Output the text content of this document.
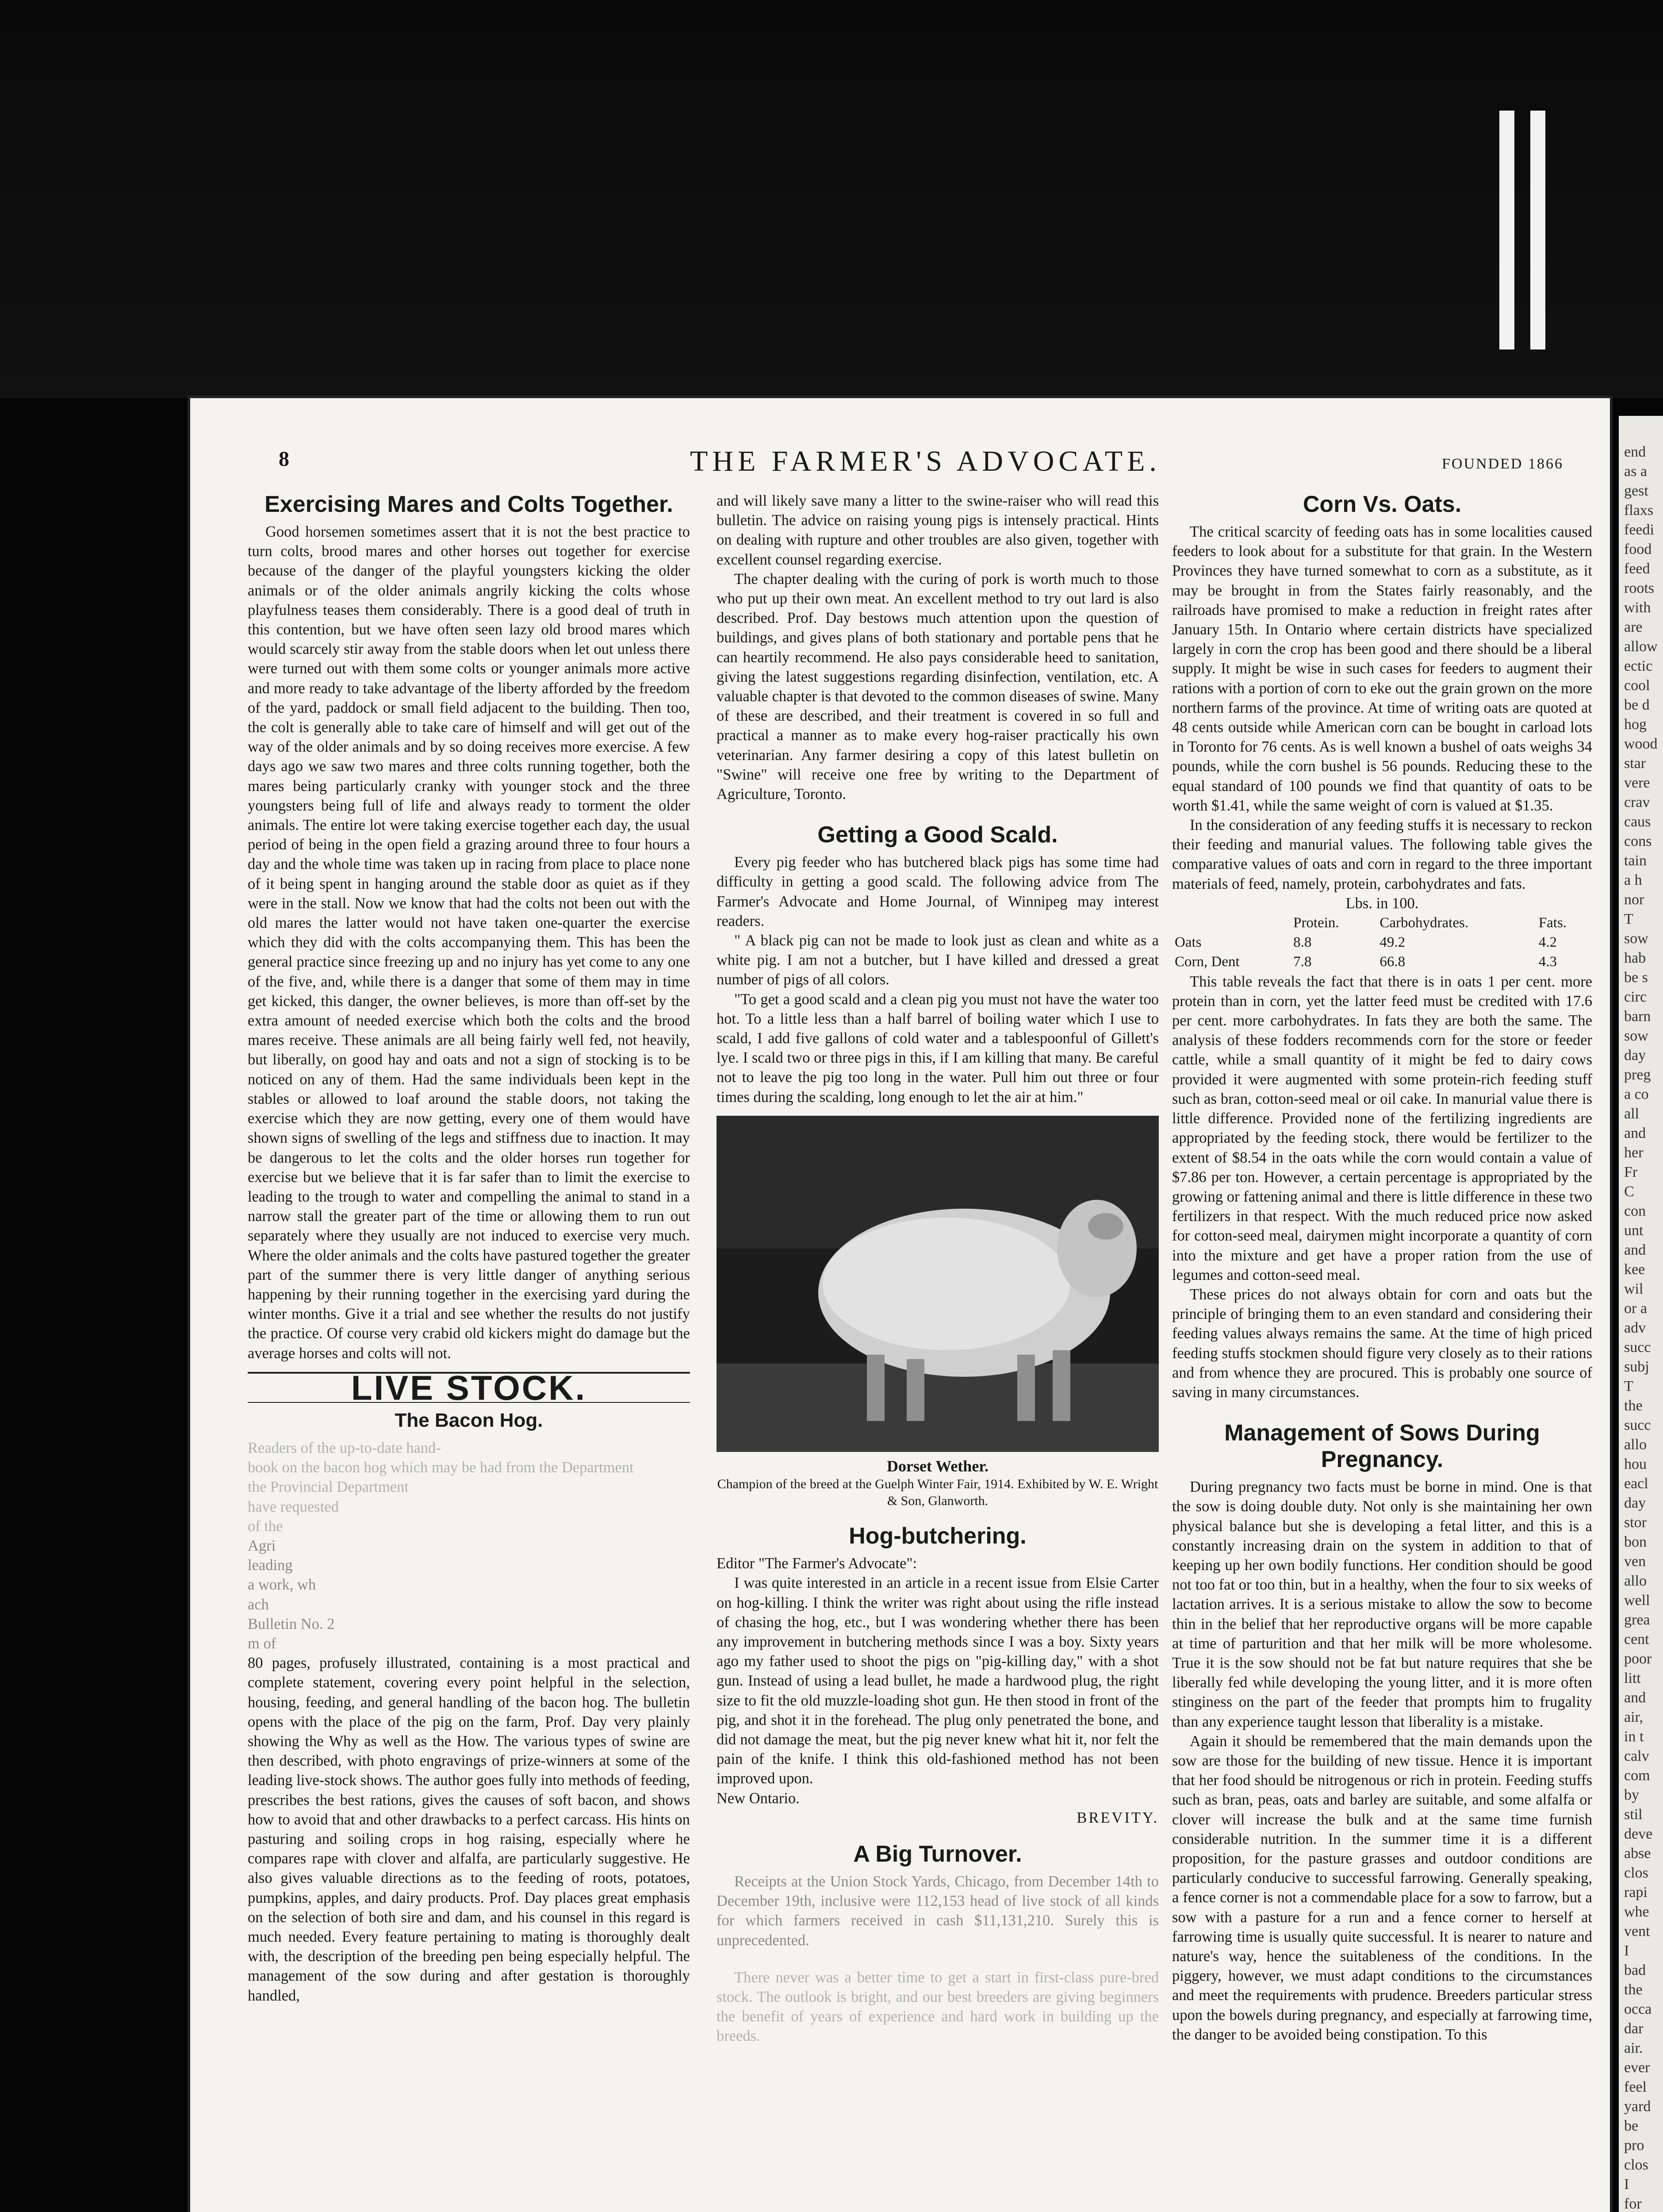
end
as a
gest
flaxs
feedi
food
feed
roots
with
are
allow
ectic
cool
be d
hog
wood
star
vere
crav
caus
cons
tain
a h
nor
T
sow
hab
be s
circ
barn
sow
day
preg
a co
all
and
her
Fr
C
con
unt
and
kee
wil
or a
adv
succ
subj
T
the
succ
allo
hou
eacl
day
stor
bon
ven
allo
well
grea
cent
poor
litt
and
air,
in t
calv
com
by
stil
deve
abse
clos
rapi
whe
vent
I
bad
the
occa
dar
air.
ever
feel
yard
be
pro
clos
I
for
8	THE FARMER'S ADVOCATE.	FOUNDED 1866
Exercising Mares and Colts Together.

Good horsemen sometimes assert that it is not the best practice to turn colts, brood mares and other horses out together for exercise because of the danger of the playful youngsters kicking the older animals or of the older animals angrily kicking the colts whose playfulness teases them considerably. There is a good deal of truth in this contention, but we have often seen lazy old brood mares which would scarcely stir away from the stable doors when let out unless there were turned out with them some colts or younger animals more active and more ready to take advantage of the liberty afforded by the freedom of the yard, paddock or small field adjacent to the building. Then too, the colt is generally able to take care of himself and will get out of the way of the older animals and by so doing receives more exercise. A few days ago we saw two mares and three colts running together, both the mares being particularly cranky with younger stock and the three youngsters being full of life and always ready to torment the older animals. The entire lot were taking exercise together each day, the usual period of being in the open field a grazing around three to four hours a day and the whole time was taken up in racing from place to place none of it being spent in hanging around the stable door as quiet as if they were in the stall. Now we know that had the colts not been out with the old mares the latter would not have taken one-quarter the exercise which they did with the colts accompanying them. This has been the general practice since freezing up and no injury has yet come to any one of the five, and, while there is a danger that some of them may in time get kicked, this danger, the owner believes, is more than off-set by the extra amount of needed exercise which both the colts and the brood mares receive. These animals are all being fairly well fed, not heavily, but liberally, on good hay and oats and not a sign of stocking is to be noticed on any of them. Had the same individuals been kept in the stables or allowed to loaf around the stable doors, not taking the exercise which they are now getting, every one of them would have shown signs of swelling of the legs and stiffness due to inaction. It may be dangerous to let the colts and the older horses run together for exercise but we believe that it is far safer than to limit the exercise to leading to the trough to water and compelling the animal to stand in a narrow stall the greater part of the time or allowing them to run out separately where they usually are not induced to exercise very much. Where the older animals and the colts have pastured together the greater part of the summer there is very little danger of anything serious happening by their running together in the exercising yard during the winter months. Give it a trial and see whether the results do not justify the practice. Of course very crabid old kickers might do damage but the average horses and colts will not.

LIVE STOCK.
The Bacon Hog.
Readers of the up-to-date hand-
book on the bacon hog which may be had from the Department
the Provincial Department
have requested
of the
Agri
leading
a work, wh
ach
Bulletin No. 2
m of

80 pages, profusely illustrated, containing is a most practical and complete statement, covering every point helpful in the selection, housing, feeding, and general handling of the bacon hog. The bulletin opens with the place of the pig on the farm, Prof. Day very plainly showing the Why as well as the How. The various types of swine are then described, with photo engravings of prize-winners at some of the leading live-stock shows. The author goes fully into methods of feeding, prescribes the best rations, gives the causes of soft bacon, and shows how to avoid that and other drawbacks to a perfect carcass. His hints on pasturing and soiling crops in hog raising, especially where he compares rape with clover and alfalfa, are particularly suggestive. He also gives valuable directions as to the feeding of roots, potatoes, pumpkins, apples, and dairy products. Prof. Day places great emphasis on the selection of both sire and dam, and his counsel in this regard is much needed. Every feature pertaining to mating is thoroughly dealt with, the description of the breeding pen being especially helpful. The management of the sow during and after gestation is thoroughly handled,

and will likely save many a litter to the swine-raiser who will read this bulletin. The advice on raising young pigs is intensely practical. Hints on dealing with rupture and other troubles are also given, together with excellent counsel regarding exercise.

The chapter dealing with the curing of pork is worth much to those who put up their own meat. An excellent method to try out lard is also described. Prof. Day bestows much attention upon the question of buildings, and gives plans of both stationary and portable pens that he can heartily recommend. He also pays considerable heed to sanitation, giving the latest suggestions regarding disinfection, ventilation, etc. A valuable chapter is that devoted to the common diseases of swine. Many of these are described, and their treatment is covered in so full and practical a manner as to make every hog-raiser practically his own veterinarian. Any farmer desiring a copy of this latest bulletin on "Swine" will receive one free by writing to the Department of Agriculture, Toronto.

Getting a Good Scald.

Every pig feeder who has butchered black pigs has some time had difficulty in getting a good scald. The following advice from The Farmer's Advocate and Home Journal, of Winnipeg may interest readers.

" A black pig can not be made to look just as clean and white as a white pig. I am not a butcher, but I have killed and dressed a great number of pigs of all colors.

"To get a good scald and a clean pig you must not have the water too hot. To a little less than a half barrel of boiling water which I use to scald, I add five gallons of cold water and a tablespoonful of Gillett's lye. I scald two or three pigs in this, if I am killing that many. Be careful not to leave the pig too long in the water. Pull him out three or four times during the scalding, long enough to let the air at him."

Dorset Wether.
Champion of the breed at the Guelph Winter Fair, 1914. Exhibited by W. E. Wright & Son, Glanworth.
Hog-butchering.

Editor "The Farmer's Advocate":

I was quite interested in an article in a recent issue from Elsie Carter on hog-killing. I think the writer was right about using the rifle instead of chasing the hog, etc., but I was wondering whether there has been any improvement in butchering methods since I was a boy. Sixty years ago my father used to shoot the pigs on "pig-killing day," with a shot gun. Instead of using a lead bullet, he made a hardwood plug, the right size to fit the old muzzle-loading shot gun. He then stood in front of the pig, and shot it in the forehead. The plug only penetrated the bone, and did not damage the meat, but the pig never knew what hit it, nor felt the pain of the knife. I think this old-fashioned method has not been improved upon.

New Ontario.

BREVITY.

A Big Turnover.

Receipts at the Union Stock Yards, Chicago, from December 14th to December 19th, inclusive were 112,153 head of live stock of all kinds for which farmers received in cash $11,131,210. Surely this is unprecedented.

There never was a better time to get a start in first-class pure-bred stock. The outlook is bright, and our best breeders are giving beginners the benefit of years of experience and hard work in building up the breeds.

Corn Vs. Oats.

The critical scarcity of feeding oats has in some localities caused feeders to look about for a substitute for that grain. In the Western Provinces they have turned somewhat to corn as a substitute, as it may be brought in from the States fairly reasonably, and the railroads have promised to make a reduction in freight rates after January 15th. In Ontario where certain districts have specialized largely in corn the crop has been good and there should be a liberal supply. It might be wise in such cases for feeders to augment their rations with a portion of corn to eke out the grain grown on the more northern farms of the province. At time of writing oats are quoted at 48 cents outside while American corn can be bought in carload lots in Toronto for 76 cents. As is well known a bushel of oats weighs 34 pounds, while the corn bushel is 56 pounds. Reducing these to the equal standard of 100 pounds we find that quantity of oats to be worth $1.41, while the same weight of corn is valued at $1.35.

In the consideration of any feeding stuffs it is necessary to reckon their feeding and manurial values. The following table gives the comparative values of oats and corn in regard to the three important materials of feed, namely, protein, carbohydrates and fats.

Lbs. in 100.
	Protein.	Carbohydrates.	Fats.
Oats	8.8	49.2	4.2
Corn, Dent	7.8	66.8	4.3

This table reveals the fact that there is in oats 1 per cent. more protein than in corn, yet the latter feed must be credited with 17.6 per cent. more carbohydrates. In fats they are both the same. The analysis of these fodders recommends corn for the store or feeder cattle, while a small quantity of it might be fed to dairy cows provided it were augmented with some protein-rich feeding stuff such as bran, cotton-seed meal or oil cake. In manurial value there is little difference. Provided none of the fertilizing ingredients are appropriated by the feeding stock, there would be fertilizer to the extent of $8.54 in the oats while the corn would contain a value of $7.86 per ton. However, a certain percentage is appropriated by the growing or fattening animal and there is little difference in these two fertilizers in that respect. With the much reduced price now asked for cotton-seed meal, dairymen might incorporate a quantity of corn into the mixture and get have a proper ration from the use of legumes and cotton-seed meal.

These prices do not always obtain for corn and oats but the principle of bringing them to an even standard and considering their feeding values always remains the same. At the time of high priced feeding stuffs stockmen should figure very closely as to their rations and from whence they are procured. This is probably one source of saving in many circumstances.

Management of Sows During Pregnancy.

During pregnancy two facts must be borne in mind. One is that the sow is doing double duty. Not only is she maintaining her own physical balance but she is developing a fetal litter, and this is a constantly increasing drain on the system in addition to that of keeping up her own bodily functions. Her condition should be good not too fat or too thin, but in a healthy, when the four to six weeks of lactation arrives. It is a serious mistake to allow the sow to become thin in the belief that her reproductive organs will be more capable at time of parturition and that her milk will be more wholesome. True it is the sow should not be fat but nature requires that she be liberally fed while developing the young litter, and it is more often stinginess on the part of the feeder that prompts him to frugality than any experience taught lesson that liberality is a mistake.

Again it should be remembered that the main demands upon the sow are those for the building of new tissue. Hence it is important that her food should be nitrogenous or rich in protein. Feeding stuffs such as bran, peas, oats and barley are suitable, and some alfalfa or clover will increase the bulk and at the same time furnish considerable nutrition. In the summer time it is a different proposition, for the pasture grasses and outdoor conditions are particularly conducive to successful farrowing. Generally speaking, a fence corner is not a commendable place for a sow to farrow, but a sow with a pasture for a run and a fence corner to herself at farrowing time is usually quite successful. It is nearer to nature and nature's way, hence the suitableness of the conditions. In the piggery, however, we must adapt conditions to the circumstances and meet the requirements with prudence. Breeders particular stress upon the bowels during pregnancy, and especially at farrowing time, the danger to be avoided being constipation. To this
